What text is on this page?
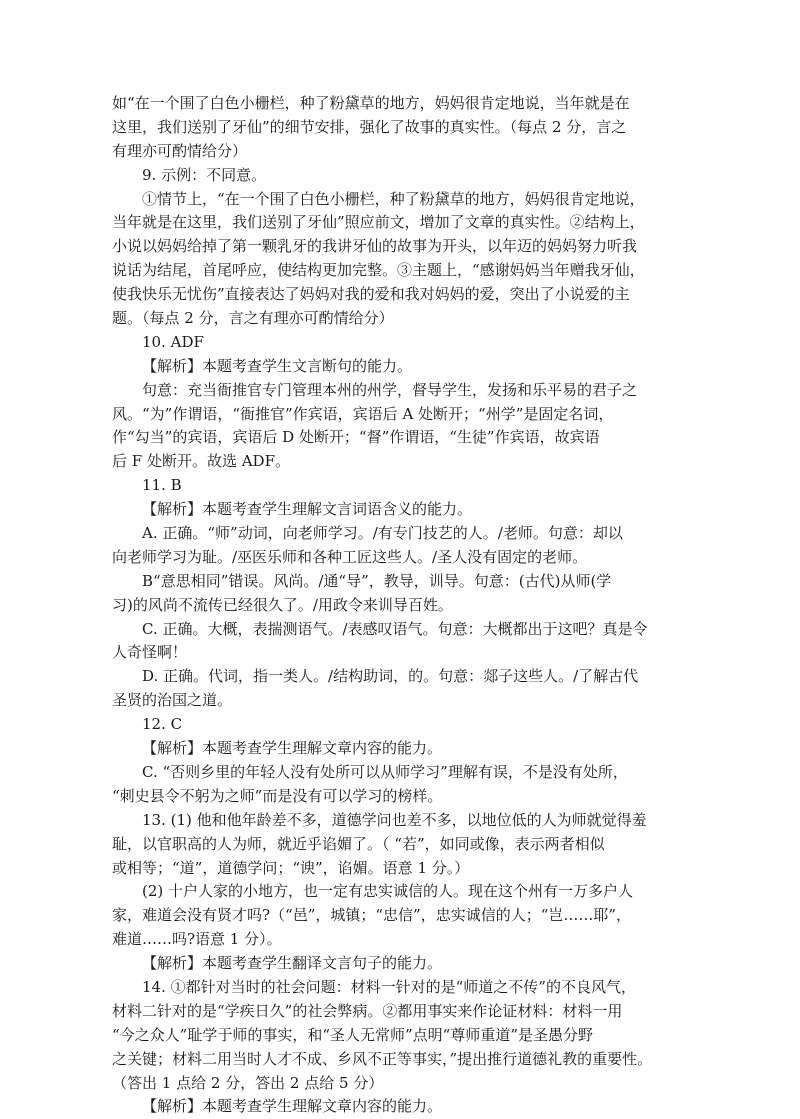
如“在一个围了白色小栅栏，种了粉黛草的地方，妈妈很肯定地说，当年就是在
这里，我们送别了牙仙”的细节安排，强化了故事的真实性。（每点 2 分，言之
有理亦可酌情给分）
9. 示例：不同意。
①情节上，“在一个围了白色小栅栏，种了粉黛草的地方，妈妈很肯定地说，
当年就是在这里，我们送别了牙仙”照应前文，增加了文章的真实性。②结构上，
小说以妈妈给掉了第一颗乳牙的我讲牙仙的故事为开头，以年迈的妈妈努力听我
说话为结尾，首尾呼应，使结构更加完整。③主题上，“感谢妈妈当年赠我牙仙，
使我快乐无忧伤”直接表达了妈妈对我的爱和我对妈妈的爱，突出了小说爱的主
题。（每点 2 分，言之有理亦可酌情给分）
10. ADF
【解析】本题考查学生文言断句的能力。
句意：充当衙推官专门管理本州的州学，督导学生，发扬和乐平易的君子之
风。“为”作谓语，“衙推官”作宾语，宾语后 A 处断开；“州学”是固定名词，
作“勾当”的宾语，宾语后 D 处断开；“督”作谓语，“生徒”作宾语，故宾语
后 F 处断开。故选 ADF。
11. B
【解析】本题考查学生理解文言词语含义的能力。
A. 正确。“师”动词，向老师学习。/有专门技艺的人。/老师。句意：却以
向老师学习为耻。/巫医乐师和各种工匠这些人。/圣人没有固定的老师。
B“意思相同”错误。风尚。/通“导”，教导，训导。句意：(古代)从师(学
习)的风尚不流传已经很久了。/用政令来训导百姓。
C. 正确。大概，表揣测语气。/表感叹语气。句意：大概都出于这吧？真是令
人奇怪啊！
D. 正确。代词，指一类人。/结构助词，的。句意：郯子这些人。/了解古代
圣贤的治国之道。
12. C
【解析】本题考查学生理解文章内容的能力。
C. “否则乡里的年轻人没有处所可以从师学习”理解有误，不是没有处所，
“刺史县令不躬为之师”而是没有可以学习的榜样。
13. (1) 他和他年龄差不多，道德学问也差不多，以地位低的人为师就觉得羞
耻，以官职高的人为师，就近乎谄媚了。（ “若”，如同或像，表示两者相似
或相等；“道”，道德学问；“谀”，谄媚。语意 1 分。）
(2) 十户人家的小地方，也一定有忠实诚信的人。现在这个州有一万多户人
家，难道会没有贤才吗?（“邑”，城镇；“忠信”，忠实诚信的人；“岂……耶”，
难道……吗?语意 1 分）。
【解析】本题考查学生翻译文言句子的能力。
14. ①都针对当时的社会问题：材料一针对的是“师道之不传”的不良风气，
材料二针对的是“学疾日久”的社会弊病。②都用事实来作论证材料：材料一用
“今之众人”耻学于师的事实，和“圣人无常师”点明“尊师重道”是圣愚分野
之关键；材料二用当时人才不成、乡风不正等事实，”提出推行道德礼教的重要性。
（答出 1 点给 2 分，答出 2 点给 5 分）
【解析】本题考查学生理解文章内容的能力。
